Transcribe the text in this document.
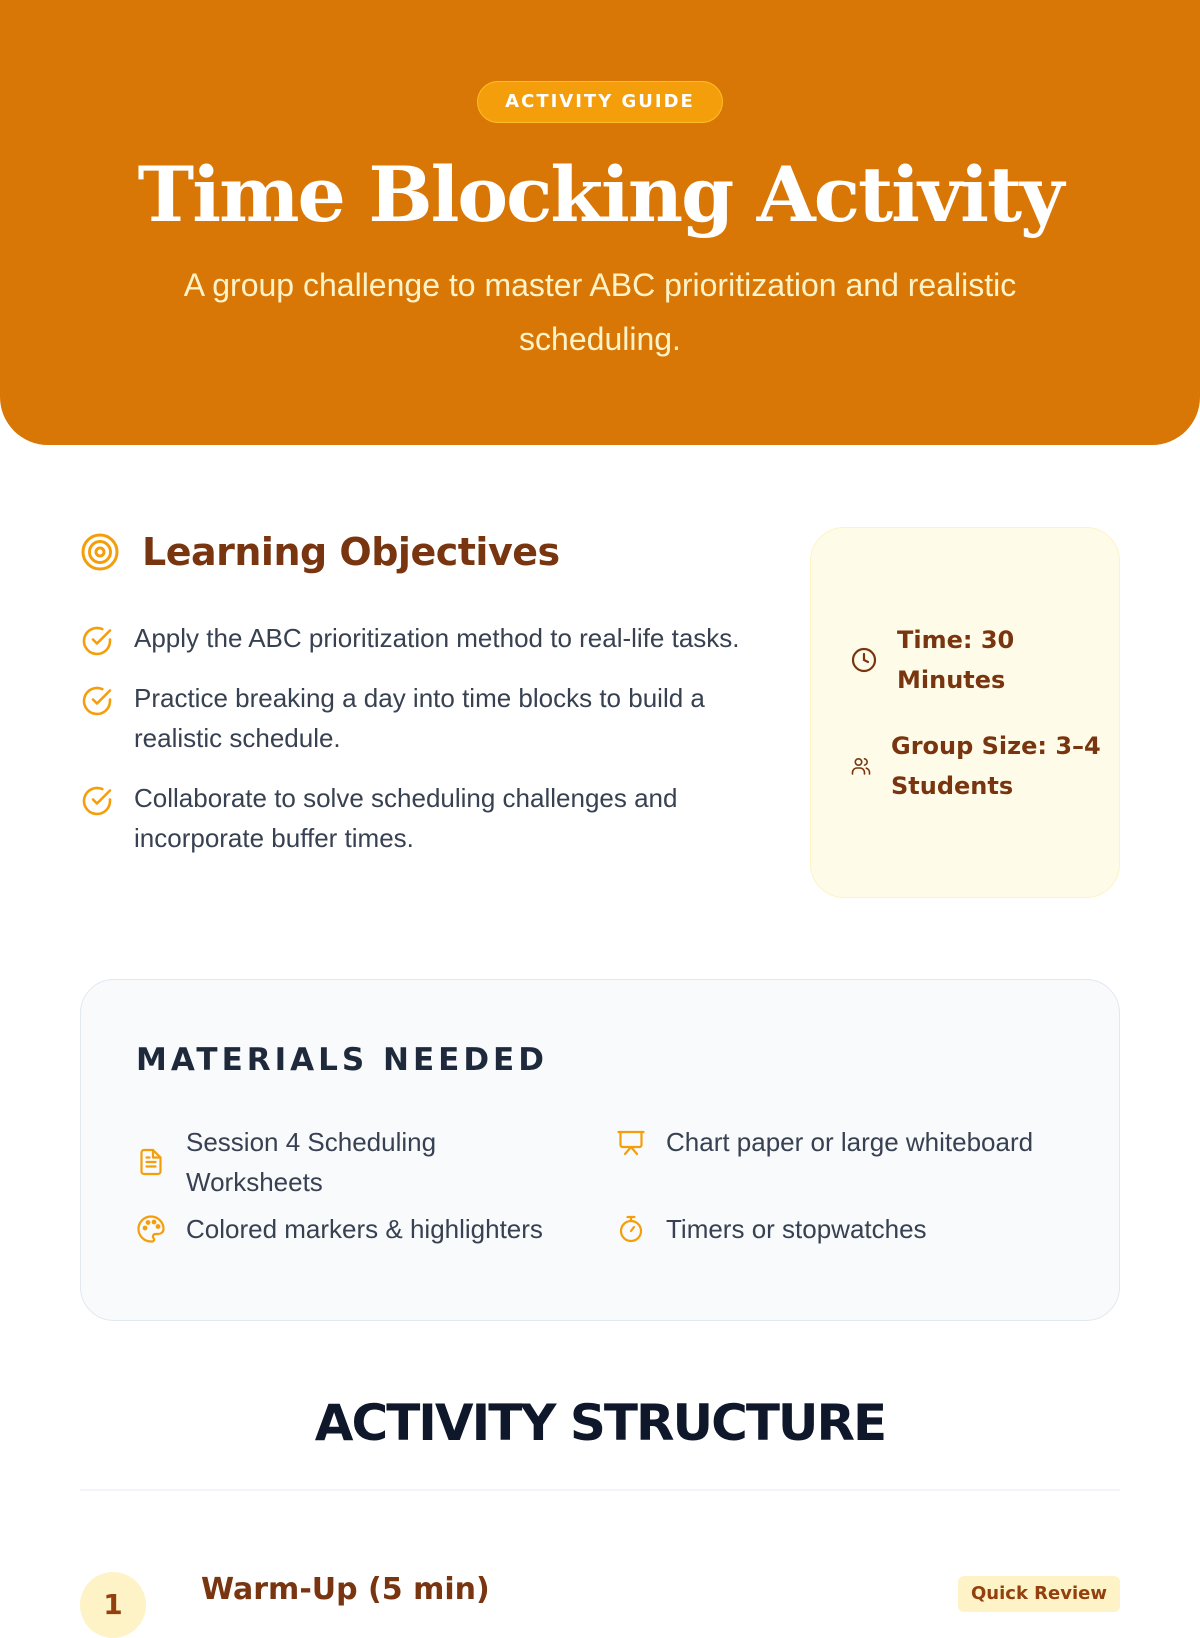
ACTIVITY GUIDE
Time Blocking Activity

A group challenge to master ABC prioritization and realistic scheduling.

Learning Objectives
Apply the ABC prioritization method to real-life tasks.
Practice breaking a day into time blocks to build a realistic schedule.
Collaborate to solve scheduling challenges and incorporate buffer times.
Time: 30 Minutes
Group Size: 3–4 Students
MATERIALS NEEDED
Session 4 Scheduling Worksheets
Chart paper or large whiteboard
Colored markers & highlighters	Timers or stopwatches
ACTIVITY STRUCTURE
1	Warm-Up (5 min)	Quick Review
